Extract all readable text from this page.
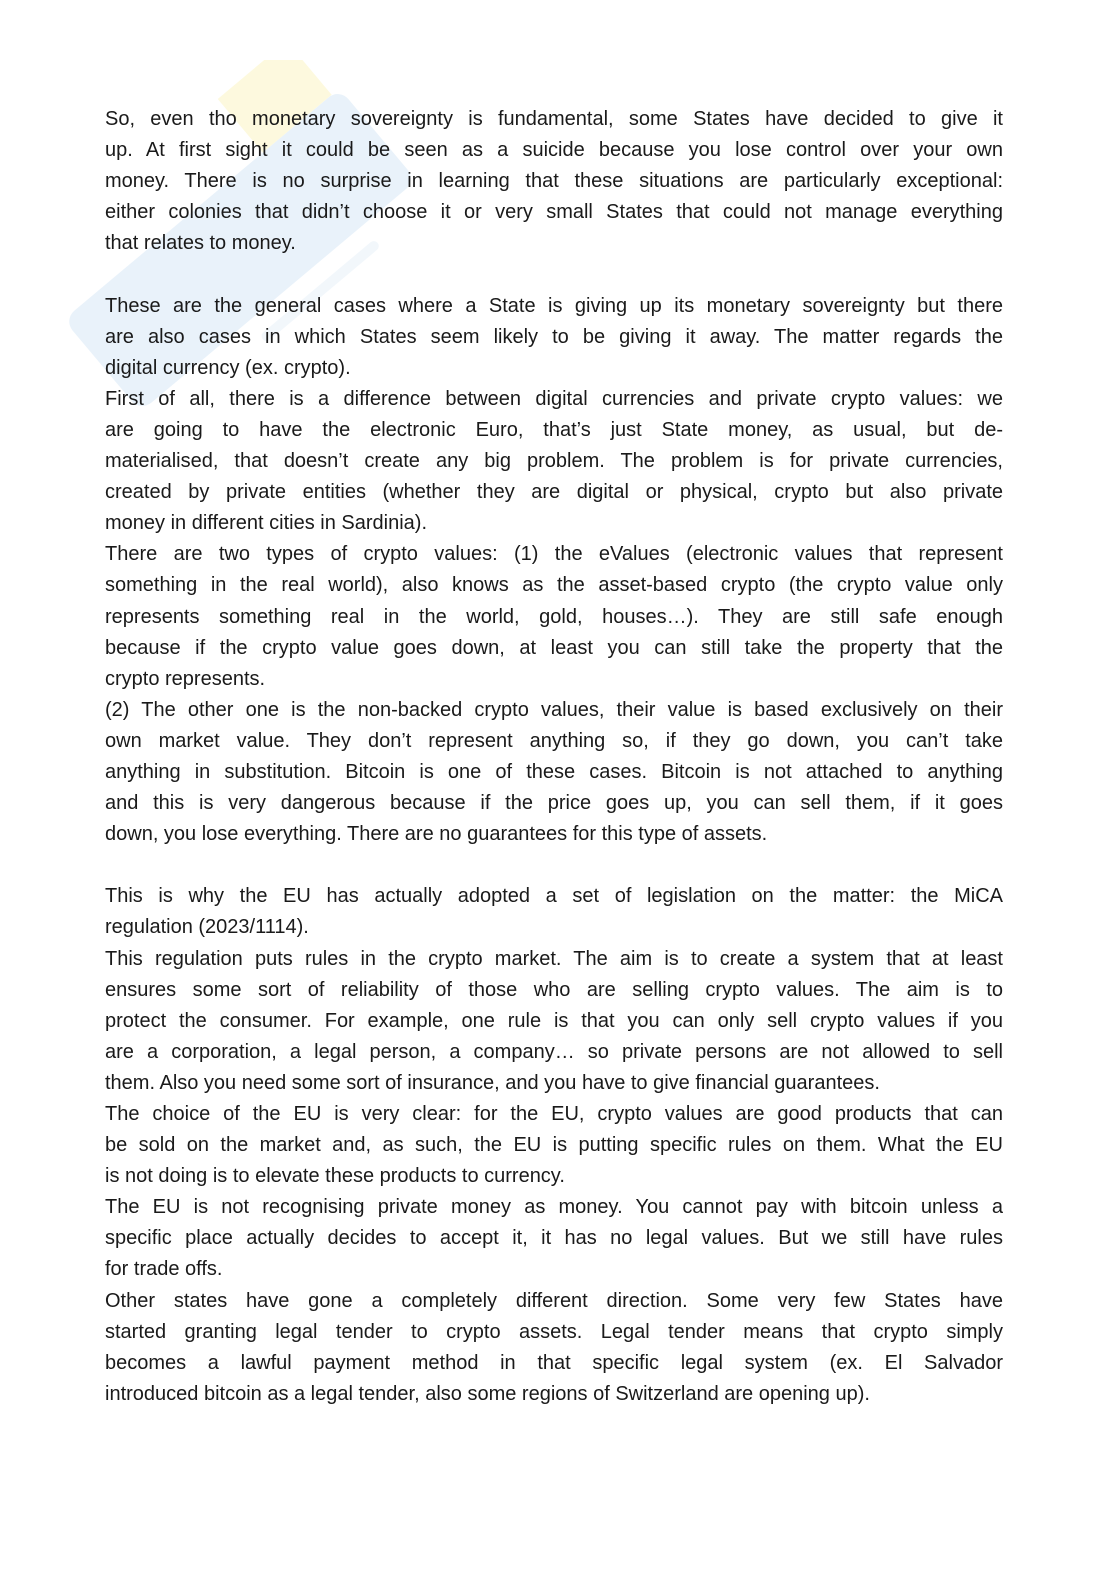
So, even tho monetary sovereignty is fundamental, some States have decided to give it
up. At first sight it could be seen as a suicide because you lose control over your own
money. There is no surprise in learning that these situations are particularly exceptional:
either colonies that didn’t choose it or very small States that could not manage everything
that relates to money.
These are the general cases where a State is giving up its monetary sovereignty but there
are also cases in which States seem likely to be giving it away. The matter regards the
digital currency (ex. crypto).
First of all, there is a difference between digital currencies and private crypto values: we
are going to have the electronic Euro, that’s just State money, as usual, but de-
materialised, that doesn’t create any big problem. The problem is for private currencies,
created by private entities (whether they are digital or physical, crypto but also private
money in different cities in Sardinia).
There are two types of crypto values: (1) the eValues (electronic values that represent
something in the real world), also knows as the asset-based crypto (the crypto value only
represents something real in the world, gold, houses…). They are still safe enough
because if the crypto value goes down, at least you can still take the property that the
crypto represents.
(2) The other one is the non-backed crypto values, their value is based exclusively on their
own market value. They don’t represent anything so, if they go down, you can’t take
anything in substitution. Bitcoin is one of these cases. Bitcoin is not attached to anything
and this is very dangerous because if the price goes up, you can sell them, if it goes
down, you lose everything. There are no guarantees for this type of assets.
This is why the EU has actually adopted a set of legislation on the matter: the MiCA
regulation (2023/1114).
This regulation puts rules in the crypto market. The aim is to create a system that at least
ensures some sort of reliability of those who are selling crypto values. The aim is to
protect the consumer. For example, one rule is that you can only sell crypto values if you
are a corporation, a legal person, a company… so private persons are not allowed to sell
them. Also you need some sort of insurance, and you have to give financial guarantees.
The choice of the EU is very clear: for the EU, crypto values are good products that can
be sold on the market and, as such, the EU is putting specific rules on them. What the EU
is not doing is to elevate these products to currency.
The EU is not recognising private money as money. You cannot pay with bitcoin unless a
specific place actually decides to accept it, it has no legal values. But we still have rules
for trade offs.
Other states have gone a completely different direction. Some very few States have
started granting legal tender to crypto assets. Legal tender means that crypto simply
becomes a lawful payment method in that specific legal system (ex. El Salvador
introduced bitcoin as a legal tender, also some regions of Switzerland are opening up).
